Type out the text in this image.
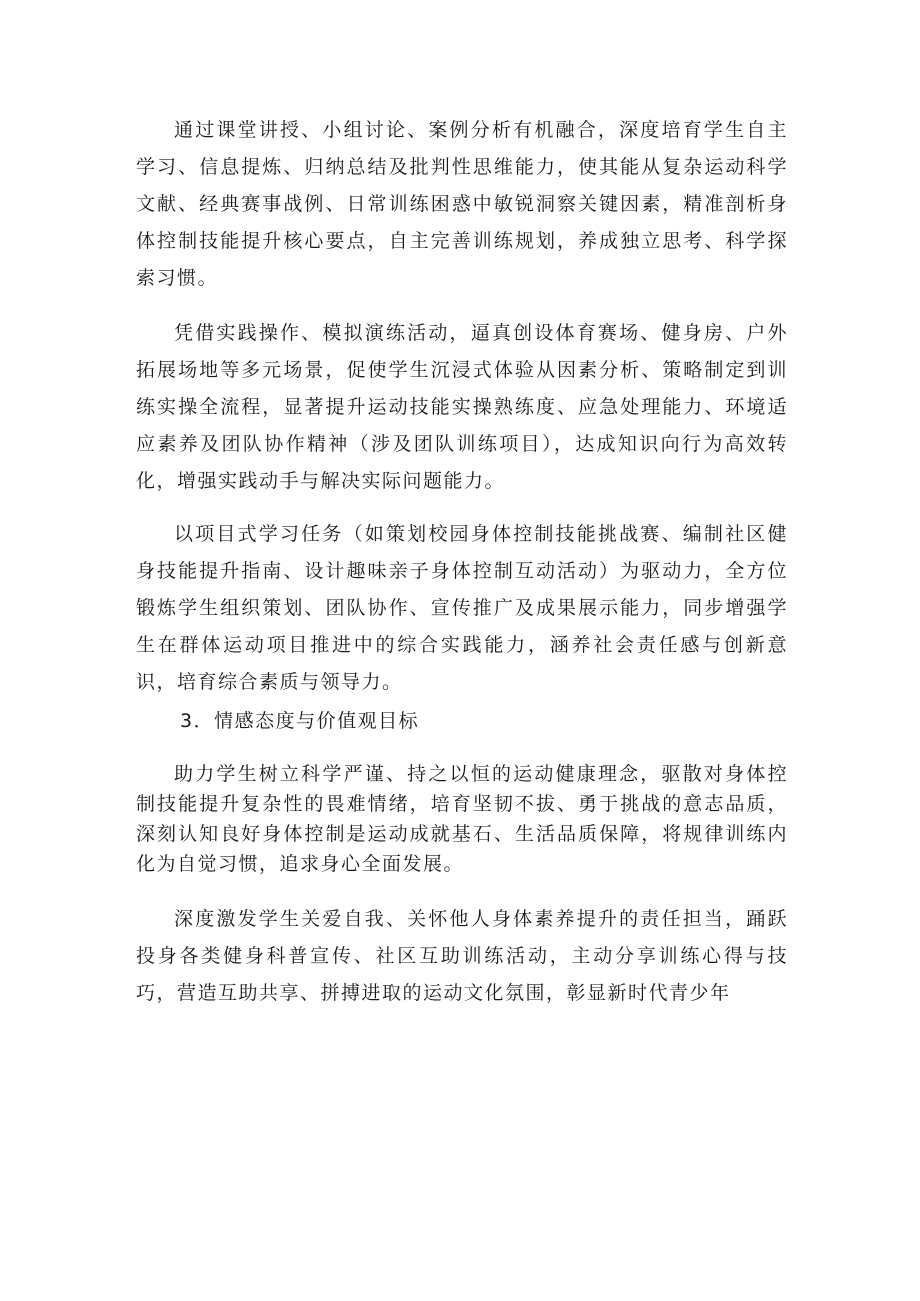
通过课堂讲授、小组讨论、案例分析有机融合，深度培育学生自主学习、信息提炼、归纳总结及批判性思维能力，使其能从复杂运动科学文献、经典赛事战例、日常训练困惑中敏锐洞察关键因素，精准剖析身体控制技能提升核心要点，自主完善训练规划，养成独立思考、科学探索习惯。

凭借实践操作、模拟演练活动，逼真创设体育赛场、健身房、户外拓展场地等多元场景，促使学生沉浸式体验从因素分析、策略制定到训练实操全流程，显著提升运动技能实操熟练度、应急处理能力、环境适应素养及团队协作精神（涉及团队训练项目），达成知识向行为高效转化，增强实践动手与解决实际问题能力。

以项目式学习任务（如策划校园身体控制技能挑战赛、编制社区健身技能提升指南、设计趣味亲子身体控制互动活动）为驱动力，全方位锻炼学生组织策划、团队协作、宣传推广及成果展示能力，同步增强学生在群体运动项目推进中的综合实践能力，涵养社会责任感与创新意识，培育综合素质与领导力。

3．情感态度与价值观目标

助力学生树立科学严谨、持之以恒的运动健康理念，驱散对身体控制技能提升复杂性的畏难情绪，培育坚韧不拔、勇于挑战的意志品质，深刻认知良好身体控制是运动成就基石、生活品质保障，将规律训练内化为自觉习惯，追求身心全面发展。

深度激发学生关爱自我、关怀他人身体素养提升的责任担当，踊跃投身各类健身科普宣传、社区互助训练活动，主动分享训练心得与技巧，营造互助共享、拼搏进取的运动文化氛围，彰显新时代青少年
